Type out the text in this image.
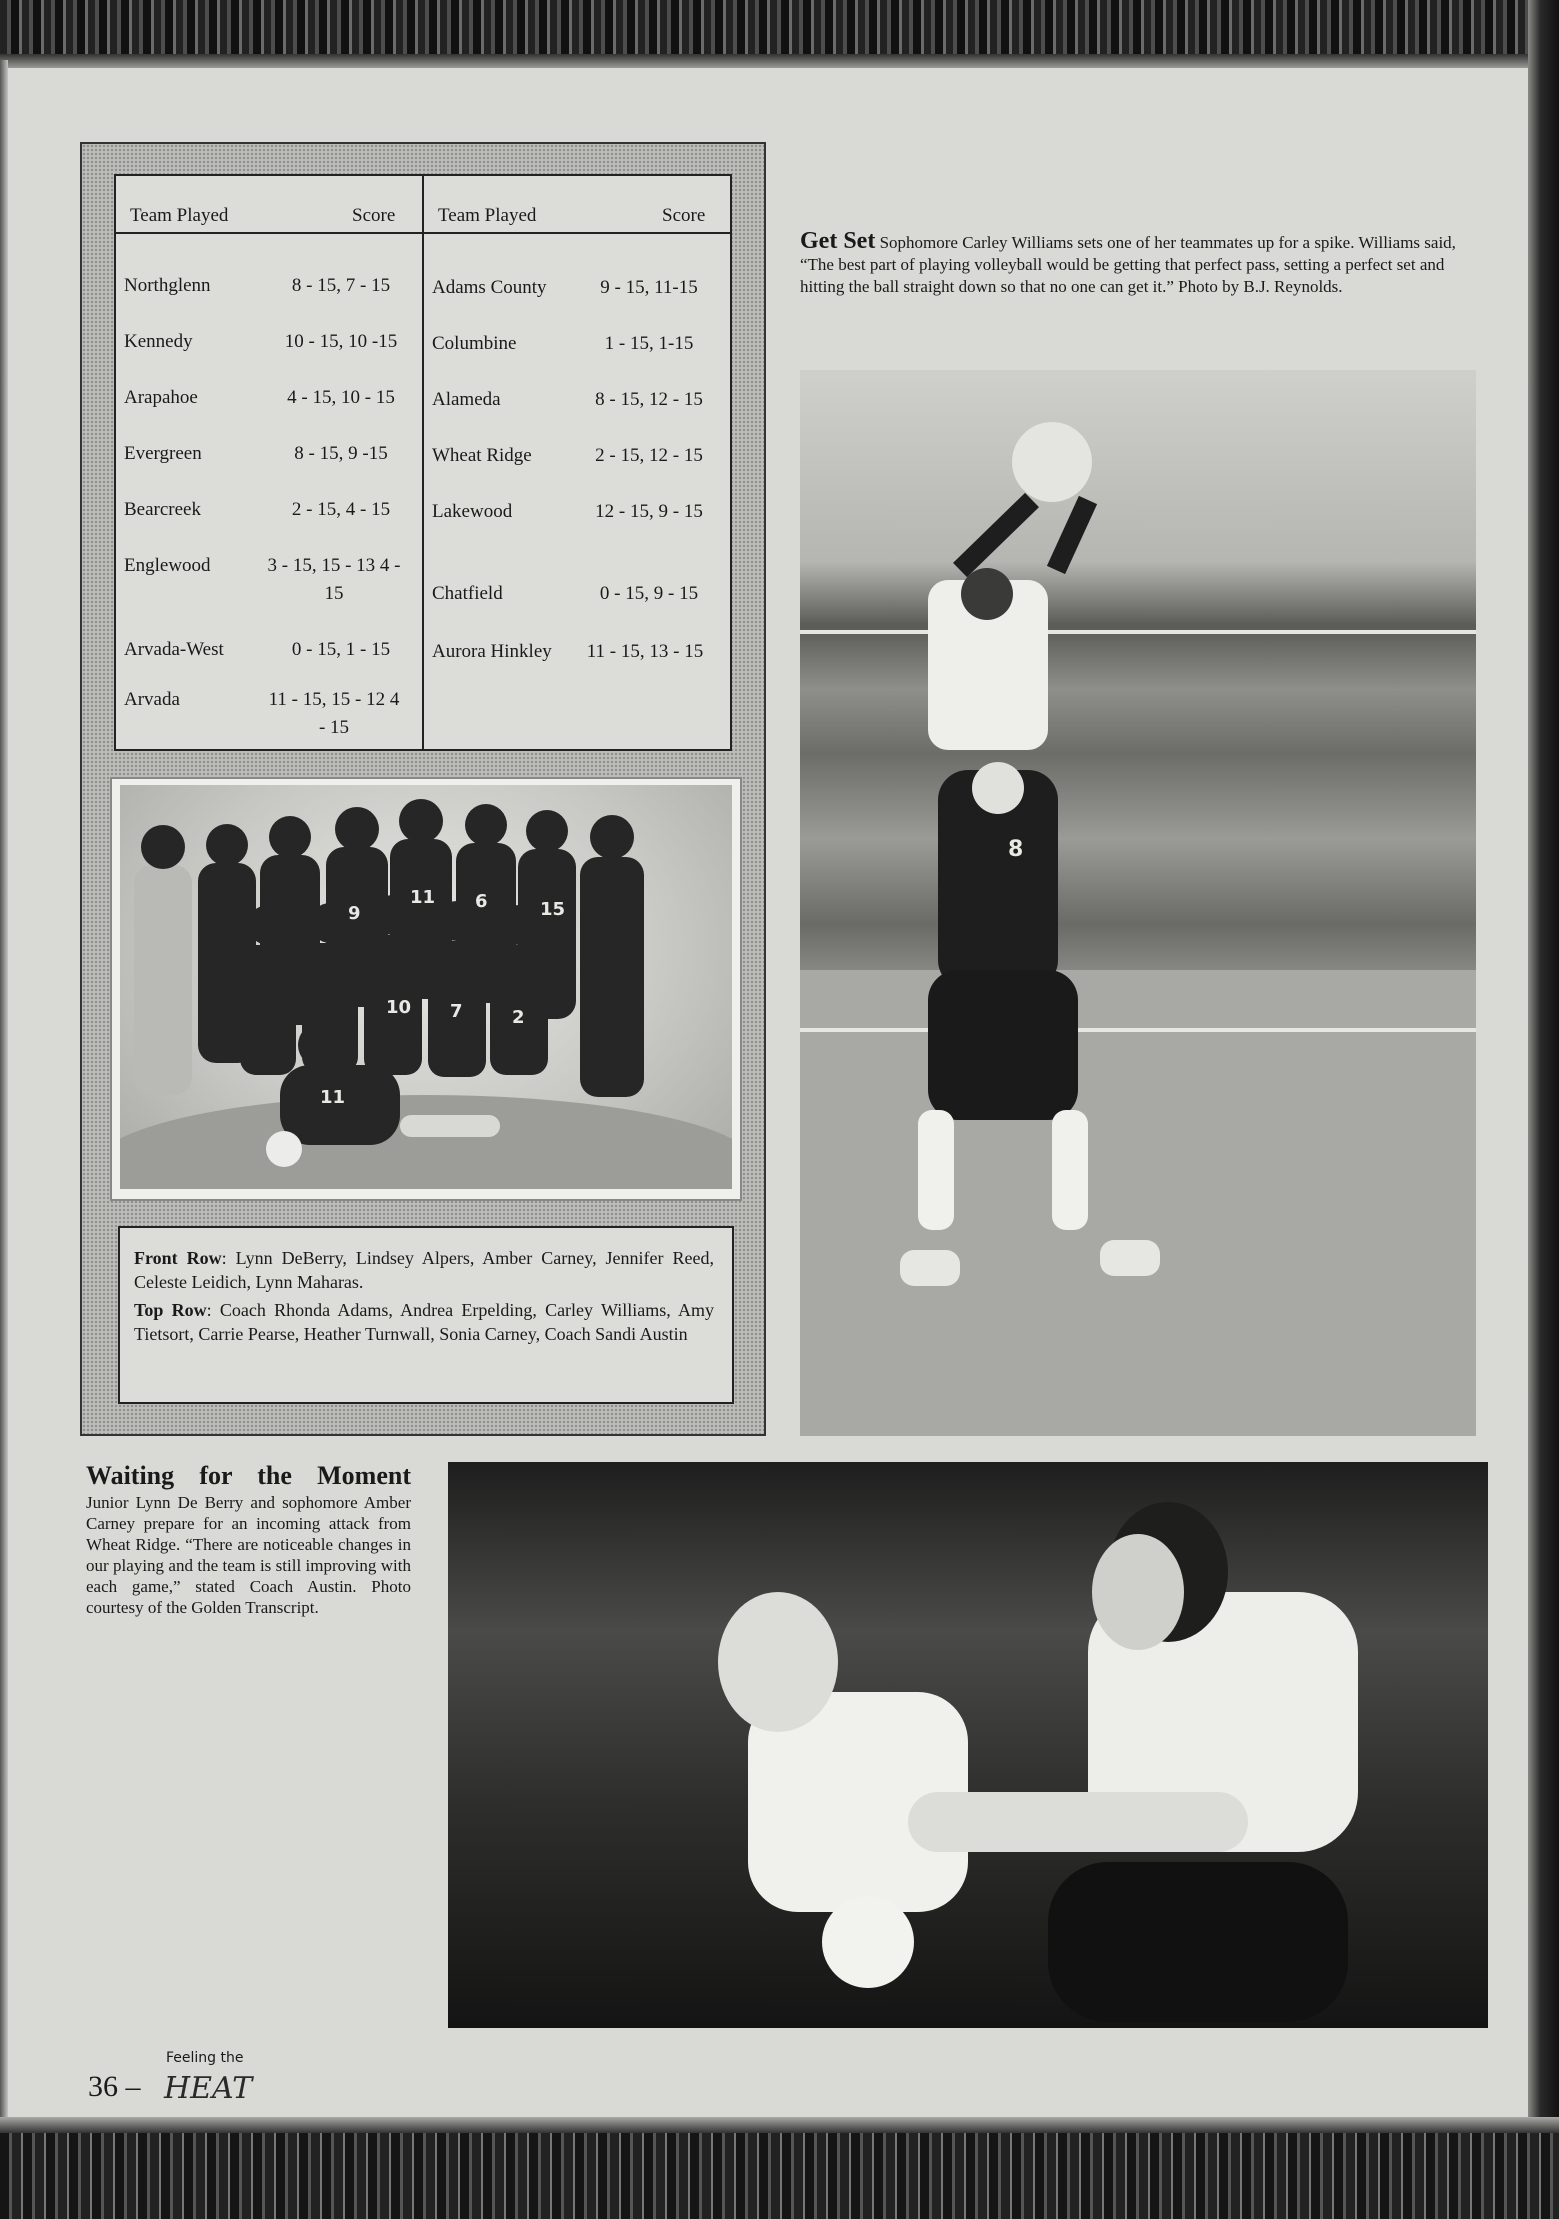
Team Played	Score Team Played	Score
Northglenn	8 - 15, 7 - 15
Kennedy	10 - 15, 10 -15
Arapahoe	4 - 15, 10 - 15
Evergreen	8 - 15, 9 -15
Bearcreek	2 - 15, 4 - 15
Englewood	3 - 15, 15 - 13 4 - 15
Arvada-West	0 - 15, 1 - 15
Arvada	11 - 15, 15 - 12 4 - 15
Adams County	9 - 15, 11-15
Columbine	1 - 15, 1-15
Alameda	8 - 15, 12 - 15
Wheat Ridge	2 - 15, 12 - 15
Lakewood	12 - 15, 9 - 15
Chatfield	0 - 15, 9 - 15
Aurora Hinkley	11 - 15, 13 - 15
11 6	15
9
10 7	2
11

Front Row: Lynn DeBerry, Lindsey Alpers, Amber Carney, Jennifer Reed, Celeste Leidich, Lynn Maharas.

Top Row: Coach Rhonda Adams, Andrea Erpelding, Carley Williams, Amy Tietsort, Carrie Pearse, Heather Turnwall, Sonia Carney, Coach Sandi Austin

Get Set Sophomore Carley Williams sets one of her teammates up for a spike. Williams said, “The best part of playing volleyball would be getting that perfect pass, setting a perfect set and hitting the ball straight down so that no one can get it.” Photo by B.J. Reynolds.
8
Waiting for the Moment
Junior Lynn De Berry and sophomore Amber Carney prepare for an incoming attack from Wheat Ridge. “There are noticeable changes in our playing and the team is still improving with each game,” stated Coach Austin. Photo courtesy of the Golden Transcript.
Feeling the
36 – HEAT
